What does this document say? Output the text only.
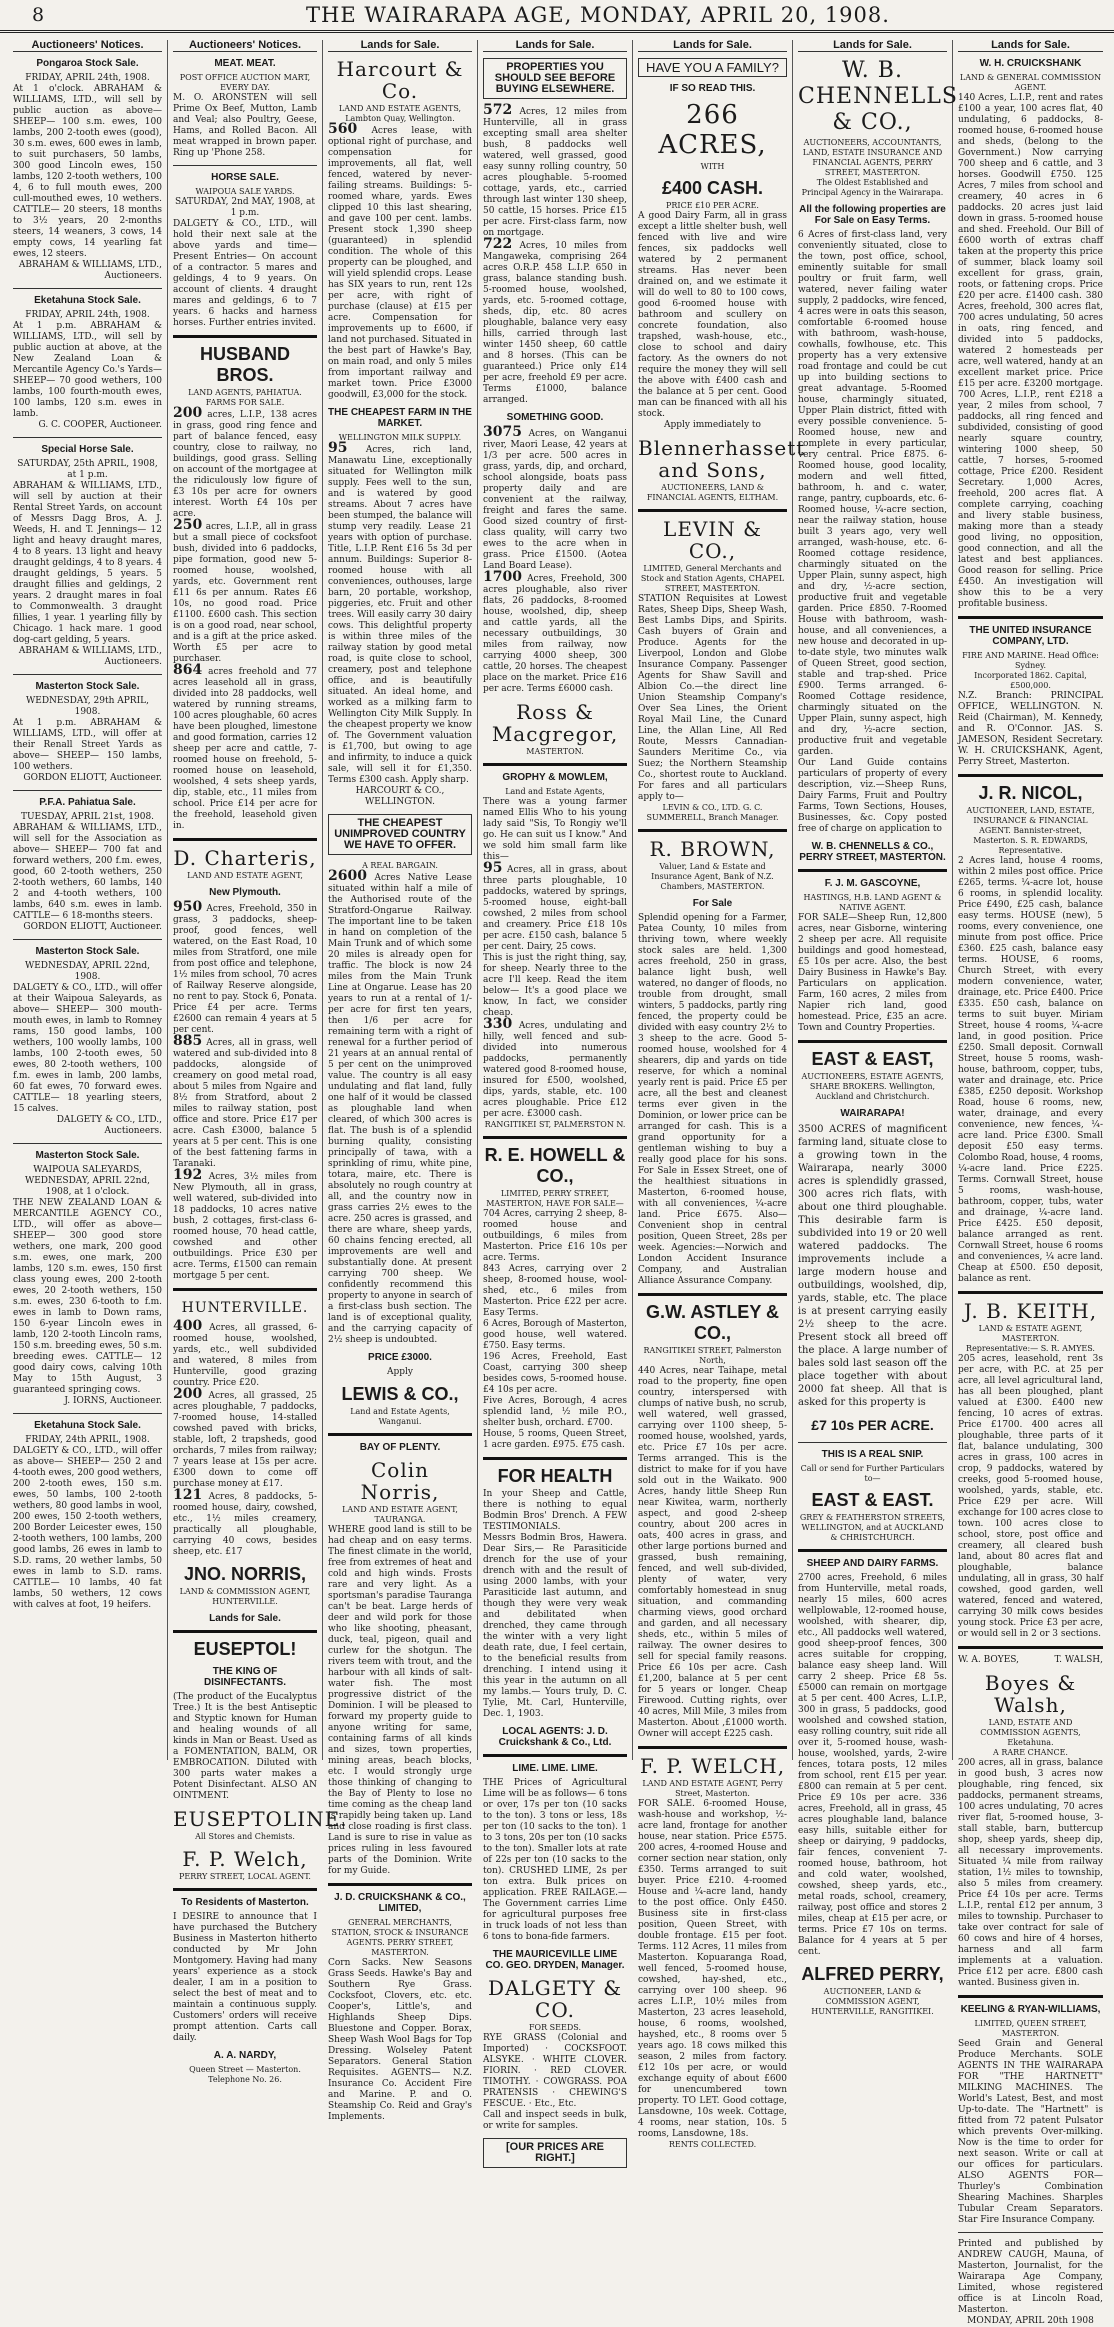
8	THE WAIRARAPA AGE, MONDAY, APRIL 20, 1908.
Auctioneers' Notices.
Pongaroa Stock Sale.
FRIDAY, APRIL 24th, 1908.
At 1 o'clock. ABRAHAM & WILLIAMS, LTD., will sell by public auction as above— SHEEP— 100 s.m. ewes, 100 lambs, 200 2-tooth ewes (good), 30 s.m. ewes, 600 ewes in lamb, to suit purchasers, 50 lambs, 300 good Lincoln ewes, 150 lambs, 120 2-tooth wethers, 100 4, 6 to full mouth ewes, 200 cull-mouthed ewes, 10 wethers. CATTLE— 20 steers, 18 months to 3½ years, 20 2-months steers, 14 weaners, 3 cows, 14 empty cows, 14 yearling fat ewes, 12 steers.
ABRAHAM & WILLIAMS, LTD., Auctioneers.
Eketahuna Stock Sale.
FRIDAY, APRIL 24th, 1908.
At 1 p.m. ABRAHAM & WILLIAMS, LTD., will sell by public auction at above, at the New Zealand Loan & Mercantile Agency Co.'s Yards— SHEEP— 70 good wethers, 100 lambs, 100 fourth-mouth ewes, 100 lambs, 120 s.m. ewes in lamb.
G. C. COOPER, Auctioneer.
Special Horse Sale.
SATURDAY, 25th APRIL, 1908, at 1 p.m.
ABRAHAM & WILLIAMS, LTD., will sell by auction at their Rental Street Yards, on account of Messrs Dagg Bros, A. J. Weeds, H. and T. Jennings— 12 light and heavy draught mares, 4 to 8 years. 13 light and heavy draught geldings, 4 to 8 years. 4 draught geldings, 5 years. 5 draught fillies and geldings, 2 years. 2 draught mares in foal to Commonwealth. 3 draught fillies, 1 year. 1 yearling filly by Chicago. 1 hack mare. 1 good dog-cart gelding, 5 years.
ABRAHAM & WILLIAMS, LTD., Auctioneers.
Masterton Stock Sale.
WEDNESDAY, 29th APRIL, 1908.
At 1 p.m. ABRAHAM & WILLIAMS, LTD., will offer at their Renall Street Yards as above— SHEEP— 150 lambs, 100 wethers.
GORDON ELIOTT, Auctioneer.
P.F.A. Pahiatua Sale.
TUESDAY, APRIL 21st, 1908.
ABRAHAM & WILLIAMS, LTD., will sell for the Association as above— SHEEP— 700 fat and forward wethers, 200 f.m. ewes, good, 60 2-tooth wethers, 250 2-tooth wethers, 60 lambs, 140 2 and 4-tooth wethers, 100 lambs, 640 s.m. ewes in lamb. CATTLE— 6 18-months steers.
GORDON ELIOTT, Auctioneer.
Masterton Stock Sale.
WEDNESDAY, APRIL 22nd, 1908.
DALGETY & CO., LTD., will offer at their Waipoua Saleyards, as above— SHEEP— 300 mouth-mouth ewes, in lamb to Romney rams, 150 good lambs, 100 wethers, 100 woolly lambs, 100 lambs, 100 2-tooth ewes, 50 ewes, 80 2-tooth wethers, 100 f.m. ewes in lamb, 200 lambs, 60 fat ewes, 70 forward ewes. CATTLE— 18 yearling steers, 15 calves.
DALGETY & CO., LTD., Auctioneers.
Masterton Stock Sale.
WAIPOUA SALEYARDS, WEDNESDAY, APRIL 22nd, 1908, at 1 o'clock.
THE NEW ZEALAND LOAN & MERCANTILE AGENCY CO., LTD., will offer as above— SHEEP— 300 good store wethers, one mark, 200 good s.m. ewes, one mark, 200 lambs, 120 s.m. ewes, 150 first class young ewes, 200 2-tooth ewes, 20 2-tooth wethers, 150 s.m. ewes, 230 6-tooth to f.m. ewes in lamb to Down rams, 150 6-year Lincoln ewes in lamb, 120 2-tooth Lincoln rams, 150 s.m. breeding ewes, 50 s.m. breeding ewes. CATTLE— 12 good dairy cows, calving 10th May to 15th August, 3 guaranteed springing cows.
J. IORNS, Auctioneer.
Eketahuna Stock Sale.
FRIDAY, 24th APRIL, 1908.
DALGETY & CO., LTD., will offer as above— SHEEP— 250 2 and 4-tooth ewes, 200 good wethers, 200 2-tooth ewes, 150 s.m. ewes, 50 lambs, 100 2-tooth wethers, 80 good lambs in wool, 200 ewes, 150 2-tooth wethers, 200 Border Leicester ewes, 150 2-tooth wethers, 100 lambs, 200 good lambs, 26 ewes in lamb to S.D. rams, 20 wether lambs, 50 ewes in lamb to S.D. rams. CATTLE— 10 lambs, 40 fat lambs, 50 wethers, 12 cows with calves at foot, 19 heifers.
Auctioneers' Notices.
MEAT. MEAT.
POST OFFICE AUCTION MART, EVERY DAY.
M. O. ARONSTEN will sell Prime Ox Beef, Mutton, Lamb and Veal; also Poultry, Geese, Hams, and Rolled Bacon. All meat wrapped in brown paper. Ring up 'Phone 258.
HORSE SALE.
WAIPOUA SALE YARDS.
SATURDAY, 2nd MAY, 1908, at 1 p.m.
DALGETY & CO., LTD., will hold their next sale at the above yards and time— Present Entries— On account of a contractor. 5 mares and geldings, 4 to 9 years. On account of clients. 4 draught mares and geldings, 6 to 7 years. 6 hacks and harness horses. Further entries invited.
HUSBAND BROS.
LAND AGENTS, PAHIATUA.
FARMS FOR SALE.
200 acres, L.I.P., 138 acres in grass, good ring fence and part of balance fenced, easy country, close to railway, no buildings, good grass. Selling on account of the mortgagee at the ridiculously low figure of £3 10s per acre for owners interest. Worth £4 10s per acre.
250 acres, L.I.P., all in grass but a small piece of cocksfoot bush, divided into 6 paddocks, pipe formation, good new 5-roomed house, woolshed, yards, etc. Government rent £11 6s per annum. Rates £6 10s, no good road. Price £1100. £600 cash. This section is on a good road, near school, and is a gift at the price asked. Worth £5 per acre to purchaser.
864 acres freehold and 77 acres leasehold all in grass, divided into 28 paddocks, well watered by running streams, 100 acres ploughable, 60 acres have been ploughed, limestone and good formation, carries 12 sheep per acre and cattle, 7-roomed house on freehold, 5-roomed house on leasehold, woolshed, 4 sets sheep yards, dip, stable, etc., 11 miles from school. Price £14 per acre for the freehold, leasehold given in.
D. Charteris,
LAND AND ESTATE AGENT,
New Plymouth.
950 Acres, Freehold, 350 in grass, 3 paddocks, sheep-proof, good fences, well watered, on the East Road, 10 miles from Stratford, one mile from post office and telephone, 1½ miles from school, 70 acres of Railway Reserve alongside, no rent to pay. Stock 6, Ponata. Price £4 per acre. Terms £2600 can remain 4 years at 5 per cent.
885 Acres, all in grass, well watered and sub-divided into 8 paddocks, alongside of creamery on good metal road, about 5 miles from Ngaire and 8½ from Stratford, about 2 miles to railway station, post office and store. Price £17 per acre. Cash £3000, balance 5 years at 5 per cent. This is one of the best fattening farms in Taranaki.
192 Acres, 3½ miles from New Plymouth, all in grass, well watered, sub-divided into 18 paddocks, 10 acres native bush, 2 cottages, first-class 6-roomed house, 70 head cattle, cowshed and other outbuildings. Price £30 per acre. Terms, £1500 can remain mortgage 5 per cent.
HUNTERVILLE.
400 Acres, all grassed, 6-roomed house, woolshed, yards, etc., well subdivided and watered, 8 miles from Hunterville, good grazing country. Price £20.
200 Acres, all grassed, 25 acres ploughable, 7 paddocks, 7-roomed house, 14-stalled cowshed paved with bricks, stable, loft, 2 trapsheds, good orchards, 7 miles from railway; 7 years lease at 15s per acre. £300 down to come off purchase money at £17.
121 Acres, 8 paddocks, 5-roomed house, dairy, cowshed, etc., 1½ miles creamery, practically all ploughable, carrying 40 cows, besides sheep, etc. £17
JNO. NORRIS,
LAND & COMMISSION AGENT, HUNTERVILLE.
Lands for Sale.
EUSEPTOL!
THE KING OF DISINFECTANTS.
(The product of the Eucalyptus Tree.) It is the best Antiseptic and Styptic known for Human and healing wounds of all kinds in Man or Beast. Used as a FOMENTATION, BALM, OR EMBROCATION. Diluted with 300 parts water makes a Potent Disinfectant. ALSO AN OINTMENT.
EUSEPTOLINE.
All Stores and Chemists.
F. P. Welch,
PERRY STREET, LOCAL AGENT.
To Residents of Masterton.
I DESIRE to announce that I have purchased the Butchery Business in Masterton hitherto conducted by Mr John Montgomery. Having had many years' experience as a stock dealer, I am in a position to select the best of meat and to maintain a continuous supply. Customers' orders will receive prompt attention. Carts call daily.
A. A. NARDY,
Queen Street — Masterton. Telephone No. 26.
Lands for Sale.
Harcourt & Co.
LAND AND ESTATE AGENTS, Lambton Quay, Wellington.
560 Acres lease, with optional right of purchase, and compensation for improvements, all flat, well fenced, watered by never-failing streams. Buildings: 5-roomed whare, yards. Ewes clipped 10 this last shearing, and gave 100 per cent. lambs. Present stock 1,390 sheep (guaranteed) in splendid condition. The whole of this property can be ploughed, and will yield splendid crops. Lease has SIX years to run, rent 12s per acre, with right of purchase (clause) at £15 per acre. Compensation for improvements up to £600, if land not purchased. Situated in the best part of Hawke's Bay, on main road, and only 5 miles from important railway and market town. Price £3000 goodwill, £3,000 for the stock.
THE CHEAPEST FARM IN THE MARKET.
WELLINGTON MILK SUPPLY.
95 Acres, rich land, Manawatu Line, exceptionally situated for Wellington milk supply. Fees well to the sun, and is watered by good streams. About 7 acres have been stumped, the balance will stump very readily. Lease 21 years with option of purchase. Title, L.I.P. Rent £16 5s 3d per annum. Buildings: Superior 8-roomed house with all conveniences, outhouses, large barn, 20 portable, workshop, piggeries, etc. Fruit and other trees. Will easily carry 30 dairy cows. This delightful property is within three miles of the railway station by good metal road, is quite close to school, creamery, post and telephone office, and is beautifully situated. An ideal home, and worked as a milking farm to Wellington City Milk Supply. In the cheapest property we know of. The Government valuation is £1,700, but owing to age and infirmity, to induce a quick sale, will sell it for £1,350. Terms £300 cash. Apply sharp.
HARCOURT & CO., WELLINGTON.
THE CHEAPEST UNIMPROVED COUNTRY WE HAVE TO OFFER.
A REAL BARGAIN.
2600 Acres Native Lease situated within half a mile of the Authorised route of the Stratford-Ongarue Railway. The important line to be taken in hand on completion of the Main Trunk and of which some 20 miles is already open for traffic. The block is now 24 miles from the Main Trunk Line at Ongarue. Lease has 20 years to run at a rental of 1/- per acre for first ten years, then 1/6 per acre for remaining term with a right of renewal for a further period of 21 years at an annual rental of 5 per cent on the unimproved value. The country is all easy undulating and flat land, fully one half of it would be classed as ploughable land when cleared, of which 300 acres is flat. The bush is of a splendid burning quality, consisting principally of tawa, with a sprinkling of rimu, white pine, totara, maire, etc. There is absolutely no rough country at all, and the country now in grass carries 2½ ewes to the acre. 250 acres is grassed, and there are whare, sheep yards, 60 chains fencing erected, all improvements are well and substantially done. At present carrying 700 sheep. We confidently recommend this property to anyone in search of a first-class bush section. The land is of exceptional quality, and the carrying capacity of 2½ sheep is undoubted.
PRICE £3000.
Apply
LEWIS & CO.,
Land and Estate Agents, Wanganui.
BAY OF PLENTY.
Colin Norris,
LAND AND ESTATE AGENT, TAURANGA.
WHERE good land is still to be had cheap and on easy terms. The finest climate in the world, free from extremes of heat and cold and high winds. Frosts rare and very light. As a sportsman's paradise Tauranga can't be beat. Large herds of deer and wild pork for those who like shooting, pheasant, duck, teal, pigeon, quail and curlew for the shotgun. The rivers teem with trout, and the harbour with all kinds of salt-water fish. The most progressive district of the Dominion. I will be pleased to forward my property guide to anyone writing for same, containing farms of all kinds and sizes, town properties, mining areas, beach blocks, etc. I would strongly urge those thinking of changing to the Bay of Plenty to lose no time coming as the cheap land is rapidly being taken up. Land and close roading is first class. Land is sure to rise in value as prices ruling in less favoured parts of the Dominion. Write for my Guide.
J. D. CRUICKSHANK & CO., LIMITED,
GENERAL MERCHANTS, STATION, STOCK & INSURANCE AGENTS. PERRY STREET, MASTERTON.
Corn Sacks. New Seasons Grass Seeds. Hawke's Bay and Southern Rye Grass. Cocksfoot, Clovers, etc. etc. Cooper's, Little's, and Highlands Sheep Dips. Bluestone and Copper. Borax, Sheep Wash Wool Bags for Top Dressing. Wolseley Patent Separators. General Station Requisites. AGENTS— N.Z. Insurance Co. Accident Fire and Marine. P. and O. Steamship Co. Reid and Gray's Implements.
Lands for Sale.
PROPERTIES YOU SHOULD SEE BEFORE BUYING ELSEWHERE.
572 Acres, 12 miles from Hunterville, all in grass excepting small area shelter bush, 8 paddocks well watered, well grassed, good easy sunny rolling country, 50 acres ploughable. 5-roomed cottage, yards, etc., carried through last winter 130 sheep, 50 cattle, 15 horses. Price £15 per acre. First-class farm, now on mortgage.
722 Acres, 10 miles from Mangaweka, comprising 264 acres O.R.P. 458 L.I.P. 650 in grass, balance standing bush. 5-roomed house, woolshed, yards, etc. 5-roomed cottage, sheds, dip, etc. 80 acres ploughable, balance very easy hills, carried through last winter 1450 sheep, 60 cattle and 8 horses. (This can be guaranteed.) Price only £14 per acre, freehold £9 per acre. Terms £1000, balance arranged.
SOMETHING GOOD.
3075 Acres, on Wanganui river, Maori Lease, 42 years at 1/3 per acre. 500 acres in grass, yards, dip, and orchard, school alongside, boats pass property daily and are convenient at the railway, freight and fares the same. Good sized country of first-class quality, will carry two ewes to the acre when in grass. Price £1500. (Aotea Land Board Lease).
1700 Acres, Freehold, 300 acres ploughable, also river flats, 26 paddocks, 8-roomed house, woolshed, dip, sheep and cattle yards, all the necessary outbuildings, 30 miles from railway, now carrying 4000 sheep, 300 cattle, 20 horses. The cheapest place on the market. Price £16 per acre. Terms £6000 cash.
Ross & Macgregor,
MASTERTON.
GROPHY & MOWLEM,
Land and Estate Agents,
There was a young farmer named Ellis Who to his young lady said "Sis, To Rongiy we'll go. He can suit us I know." And we sold him small farm like this—
95 Acres, all in grass, about three parts ploughable, 10 paddocks, watered by springs, 5-roomed house, eight-ball cowshed, 2 miles from school and creamery. Price £18 10s per acre. £150 cash, balance 5 per cent. Dairy, 25 cows.
This is just the right thing, say, for sheep. Nearly three to the acre I'll keep. Read the item below— It's a good place we know, In fact, we consider cheap.
330 Acres, undulating and hilly, well fenced and sub-divided into numerous paddocks, permanently watered good 8-roomed house, insured for £500, woolshed, dips, yards, stable, etc. 100 acres ploughable. Price £12 per acre. £3000 cash.
RANGITIKEI ST, PALMERSTON N.
R. E. HOWELL & CO.,
LIMITED, PERRY STREET, MASTERTON, HAVE FOR SALE—
704 Acres, carrying 2 sheep, 8-roomed house and outbuildings, 6 miles from Masterton. Price £16 10s per acre. Terms.
843 Acres, carrying over 2 sheep, 8-roomed house, wool-shed, etc., 6 miles from Masterton. Price £22 per acre. Easy Terms.
6 Acres, Borough of Masterton, good house, well watered. £750. Easy terms.
196 Acres, Freehold, East Coast, carrying 300 sheep besides cows, 5-roomed house. £4 10s per acre.
Five Acres, Borough, 4 acres splendid land, ½ mile P.O., shelter bush, orchard. £700.
House, 5 rooms, Queen Street, 1 acre garden. £975. £75 cash.
FOR HEALTH
In your Sheep and Cattle, there is nothing to equal Bodmin Bros' Drench. A FEW TESTIMONIALS.
Messrs Bodmin Bros, Hawera. Dear Sirs,— Re Parasiticide drench for the use of your drench with and the result of using 2000 lambs, with your Parasiticide last autumn, and though they were very weak and debilitated when drenched, they came through the winter with a very light death rate, due, I feel certain, to the beneficial results from drenching. I intend using it this year in the autumn on all my lambs.— Yours truly, D. C. Tylie, Mt. Carl, Hunterville, Dec. 1, 1903.
LOCAL AGENTS: J. D. Cruickshank & Co., Ltd.
LIME. LIME. LIME.
THE Prices of Agricultural Lime will be as follows— 6 tons or over, 17s per ton (10 sacks to the ton). 3 tons or less, 18s per ton (10 sacks to the ton). 1 to 3 tons, 20s per ton (10 sacks to the ton). Smaller lots at rate of 22s per ton (10 sacks to the ton). CRUSHED LIME, 2s per ton extra. Bulk prices on application. FREE RAILAGE.— The Government carries Lime for agricultural purposes free in truck loads of not less than 6 tons to bona-fide farmers.
THE MAURICEVILLE LIME CO. GEO. DRYDEN, Manager.
DALGETY & CO.
FOR SEEDS.
RYE GRASS (Colonial and Imported) · COCKSFOOT. ALSYKE. · WHITE CLOVER. FIORIN. · RED CLOVER. TIMOTHY. · COWGRASS. POA PRATENSIS · CHEWING'S FESCUE. · Etc., Etc.
Call and inspect seeds in bulk, or write for samples.
[OUR PRICES ARE RIGHT.]
Lands for Sale.
HAVE YOU A FAMILY?
IF SO READ THIS.
266 ACRES,
WITH
£400 CASH.
PRICE £10 PER ACRE.
A good Dairy Farm, all in grass except a little shelter bush, well fenced with live and wire fences, six paddocks well watered by 2 permanent streams. Has never been drained on, and we estimate it will do well to 80 to 100 cows, good 6-roomed house with bathroom and scullery on concrete foundation, also trapshed, wash-house, etc., close to school and dairy factory. As the owners do not require the money they will sell the above with £400 cash and the balance at 5 per cent. Good man can be financed with all his stock.
Apply immediately to
Blennerhassett and Sons,
AUCTIONEERS, LAND & FINANCIAL AGENTS, ELTHAM.
LEVIN & CO.,
LIMITED, General Merchants and Stock and Station Agents, CHAPEL STREET, MASTERTON.
STATION Requisites at Lowest Rates, Sheep Dips, Sheep Wash, Best Lambs Dips, and Spirits. Cash buyers of Grain and Produce. Agents for the Liverpool, London and Globe Insurance Company. Passenger Agents for Shaw Savill and Albion Co.—the direct line Union Steamship Company's Over Sea Lines, the Orient Royal Mail Line, the Cunard Line, the Allan Line, All Red Route, Messrs Cannadian-Saunders Meritime Co., via Suez; the Northern Steamship Co., shortest route to Auckland. For fares and all particulars apply to—
LEVIN & CO., LTD. G. C. SUMMERELL, Branch Manager.
R. BROWN,
Valuer, Land & Estate and Insurance Agent, Bank of N.Z. Chambers, MASTERTON.
For Sale
Splendid opening for a Farmer, Patea County, 10 miles from thriving town, where weekly stock sales are held. 1,300 acres freehold, 250 in grass, balance light bush, well watered, no danger of floods, no trouble from drought, small winters, 5 paddocks, partly ring fenced, the property could be divided with easy country 2½ to 3 sheep to the acre. Good 5-roomed house, woolshed for 4 shearers, dip and yards on tide reserve, for which a nominal yearly rent is paid. Price £5 per acre, all the best and cleanest terms ever given in the Dominion, or lower price can be arranged for cash. This is a grand opportunity for a gentleman wishing to buy a really good place for his sons. For Sale in Essex Street, one of the healthiest situations in Masterton, 6-roomed house, with all conveniences, ¼-acre land. Price £675. Also—Convenient shop in central position, Queen Street, 28s per week. Agencies:—Norwich and London Accident Insurance Company, and Australian Alliance Assurance Company.
G.W. ASTLEY & CO.,
RANGITIKEI STREET, Palmerston North,
440 Acres, near Taihape, metal road to the property, fine open country, interspersed with clumps of native bush, no scrub, well watered, well grassed, carrying over 1100 sheep, 5-roomed house, woolshed, yards, etc. Price £7 10s per acre. Terms arranged. This is the district to make for if you have sold out in the Waikato. 900 Acres, handy little Sheep Run near Kiwitea, warm, northerly aspect, and good 2-sheep country, about 200 acres in oats, 400 acres in grass, and other large portions burned and grassed, bush remaining, fenced, and well sub-divided, plenty of water, very comfortably homestead in snug situation, and commanding charming views, good orchard and garden, and all necessary sheds, etc., within 5 miles of railway. The owner desires to sell for special family reasons. Price £6 10s per acre. Cash £1,200, balance at 5 per cent for 5 years or longer. Cheap Firewood. Cutting rights, over 40 acres, Mill Mile, 3 miles from Masterton. About ,£1000 worth. Owner will accept £225 cash.
F. P. WELCH,
LAND AND ESTATE AGENT, Perry Street, Masterton.
FOR SALE. 6-roomed House, wash-house and workshop, ½-acre land, frontage for another house, near station. Price £575. 200 acres, 4-roomed House and corner section near station, only £350. Terms arranged to suit buyer. Price £210. 4-roomed House and ¼-acre land, handy to the post office. Only £450. Business site in first-class position, Queen Street, with double frontage. £15 per foot. Terms. 112 Acres, 11 miles from Masterton. Kopuaranga Road, well fenced, 5-roomed house, cowshed, hay-shed, etc., carrying over 100 sheep. 96 acres L.I.P., 10½ miles from Masterton, 23 acres leasehold, house, 6 rooms, woolshed, hayshed, etc., 8 rooms over 5 years ago. 18 cows milked this season, 2 miles from factory. £12 10s per acre, or would exchange equity of about £600 for unencumbered town property. TO LET. Good cottage, Lansdowne, 10s week. Cottage, 4 rooms, near station, 10s. 5 rooms, Lansdowne, 18s.
RENTS COLLECTED.
Lands for Sale.
W. B. CHENNELLS & CO.,
AUCTIONEERS, ACCOUNTANTS, LAND, ESTATE INSURANCE AND FINANCIAL AGENTS, PERRY STREET, MASTERTON.
The Oldest Established and Principal Agency in the Wairarapa.
All the following properties are For Sale on Easy Terms.
6 Acres of first-class land, very conveniently situated, close to the town, post office, school, eminently suitable for small poultry or fruit farm, well watered, never failing water supply, 2 paddocks, wire fenced, 4 acres were in oats this season, comfortable 6-roomed house with bathroom, wash-house, cowhalls, fowlhouse, etc. This property has a very extensive road frontage and could be cut up into building sections to great advantage. 5-Roomed house, charmingly situated, Upper Plain district, fitted with every possible convenience. 5-Roomed house, new and complete in every particular, very central. Price £875. 6-Roomed house, good locality, modern and well fitted, bathroom, h. and c. water, range, pantry, cupboards, etc. 6-Roomed house, ¼-acre section, near the railway station, house built 3 years ago, very well arranged, wash-house, etc. 6-Roomed cottage residence, charmingly situated on the Upper Plain, sunny aspect, high and dry, ½-acre section, productive fruit and vegetable garden. Price £850. 7-Roomed House with bathroom, wash-house, and all conveniences, a new house and decorated in up-to-date style, two minutes walk of Queen Street, good section, stable and trap-shed. Price £900. Terms arranged. 6-Roomed Cottage residence, charmingly situated on the Upper Plain, sunny aspect, high and dry, ½-acre section, productive fruit and vegetable garden.
Our Land Guide contains particulars of property of every description, viz.—Sheep Runs, Dairy Farms, Fruit and Poultry Farms, Town Sections, Houses, Businesses, &c. Copy posted free of charge on application to
W. B. CHENNELLS & CO., PERRY STREET, MASTERTON.
F. J. M. GASCOYNE,
HASTINGS, H.B. LAND AGENT & NATIVE AGENT.
FOR SALE—Sheep Run, 12,800 acres, near Gisborne, wintering 2 sheep per acre. All requisite buildings and good homestead, £5 10s per acre. Also, the best Dairy Business in Hawke's Bay. Particulars on application. Farm, 160 acres, 2 miles from Napier rich land, good homestead. Price, £35 an acre. Town and Country Properties.
EAST & EAST,
AUCTIONEERS, ESTATE AGENTS, SHARE BROKERS. Wellington, Auckland and Christchurch.
WAIRARAPA!
3500 ACRES of magnificent farming land, situate close to a growing town in the Wairarapa, nearly 3000 acres is splendidly grassed, 300 acres rich flats, with about one third ploughable. This desirable farm is subdivided into 19 or 20 well watered paddocks. The improvements include a large modern house and outbuildings, woolshed, dip, yards, stable, etc. The place is at present carrying easily 2½ sheep to the acre. Present stock all breed off the place. A large number of bales sold last season off the place together with about 2000 fat sheep. All that is asked for this property is
£7 10s PER ACRE.
THIS IS A REAL SNIP.
Call or send for Further Particulars to—
EAST & EAST.
GREY & FEATHERSTON STREETS, WELLINGTON, and at AUCKLAND & CHRISTCHURCH.
SHEEP AND DAIRY FARMS.
2700 acres, Freehold, 6 miles from Hunterville, metal roads, nearly 15 miles, 600 acres wellplowable, 12-roomed house, woolshed, with shearer, dip, etc., All paddocks well watered, good sheep-proof fences, 300 acres suitable for cropping, balance easy sheep land. Will carry 2 sheep. Price £8 5s. £5000 can remain on mortgage at 5 per cent. 400 Acres, L.I.P., 300 in grass, 5 paddocks, good woolshed and cowshed station, easy rolling country, suit ride all over it, 5-roomed house, wash-house, woolshed, yards, 2-wire fences, totara posts, 12 miles from school, rent £15 per year. £800 can remain at 5 per cent. Price £9 10s per acre. 336 acres, Freehold, all in grass, 45 acres ploughable land, balance easy hills, suitable either for sheep or dairying, 9 paddocks, fair fences, convenient 7-roomed house, bathroom, hot and cold water, woolshed, cowshed, sheep yards, etc., metal roads, school, creamery, railway, post office and stores 2 miles, cheap at £15 per acre, or terms. Price £7 10s on terms. Balance for 4 years at 5 per cent.
ALFRED PERRY,
AUCTIONEER, LAND & COMMISSION AGENT, HUNTERVILLE, RANGITIKEI.
Lands for Sale.
W. H. CRUICKSHANK
LAND & GENERAL COMMISSION AGENT.
140 Acres, L.I.P., rent and rates £100 a year, 100 acres flat, 40 undulating, 6 paddocks, 8-roomed house, 6-roomed house and sheds, (belong to the Government.) Now carrying 700 sheep and 6 cattle, and 3 horses. Goodwill £750. 125 Acres, 7 miles from school and creamery, 40 acres in 6 paddocks. 20 acres just laid down in grass. 5-roomed house and shed. Freehold. Our Bill of £600 worth of extras chaff taken at the property this price of summer, black loamy soil excellent for grass, grain, roots, or fattening crops. Price £20 per acre. £1400 cash. 380 Acres, freehold, 300 acres flat, 700 acres undulating, 50 acres in oats, ring fenced, and divided into 5 paddocks, watered 2 homesteads per acre, well watered, handy at an excellent market price. Price £15 per acre. £3200 mortgage. 700 Acres, L.I.P., rent £218 a year, 2 miles from school, 7 paddocks, all ring fenced and subdivided, consisting of good nearly square country, wintering 1000 sheep, 50 cattle, 7 horses, 5-roomed cottage, Price £200. Resident Secretary. 1,000 Acres, freehold, 200 acres flat. A complete carrying, coaching and livery stable business, making more than a steady good living, no opposition, good connection, and all the latest and best appliances. Good reason for selling. Price £450. An investigation will show this to be a very profitable business.
THE UNITED INSURANCE COMPANY, LTD.
FIRE AND MARINE. Head Office: Sydney.
Incorporated 1862. Capital, £500,000.
N.Z. Branch: PRINCIPAL OFFICE, WELLINGTON. N. Reid (Chairman), M. Kennedy, and R. O'Connor. JAS. S. JAMESON, Resident Secretary. W. H. CRUICKSHANK, Agent, Perry Street, Masterton.
J. R. NICOL,
AUCTIONEER, LAND, ESTATE, INSURANCE & FINANCIAL AGENT. Bannister-street, Masterton. S. R. EDWARDS, Representative.
2 Acres land, house 4 rooms, within 2 miles post office. Price £265, terms. ¼-acre lot, house 6 rooms, in splendid locality. Price £490, £25 cash, balance easy terms. HOUSE (new), 5 rooms, every convenience, one minute from post office. Price £360. £25 cash, balance easy terms. HOUSE, 6 rooms, Church Street, with every modern convenience, water, drainage, etc. Price £400. Price £335. £50 cash, balance on terms to suit buyer. Miriam Street, house 4 rooms, ¼-acre land, in good position. Price £250. Small deposit. Cornwall Street, house 5 rooms, wash-house, bathroom, copper, tubs, water and drainage, etc. Price £385, £250 deposit. Workshop Road, house 6 rooms, new, water, drainage, and every convenience, new fences, ¼-acre land. Price £300. Small deposit £50 easy terms. Colombo Road, house, 4 rooms, ¼-acre land. Price £225. Terms. Cornwall Street, house 5 rooms, wash-house, bathroom, copper, tubs, water and drainage, ¼-acre land. Price £425. £50 deposit, balance arranged as rent. Cornwall Street, house 6 rooms and conveniences, ¼ acre land. Cheap at £500. £50 deposit, balance as rent.
J. B. KEITH,
LAND & ESTATE AGENT, MASTERTON.
Representative:— S. R. AMYES.
205 acres, leasehold, rent 3s per acre, with P.C. at 25 per acre, all level agricultural land, has all been ploughed, plant valued at £300. £400 new fencing, 10 acres of extras. Price £1700. 400 acres all ploughable, three parts of it flat, balance undulating, 300 acres in grass, 100 acres in crop, 9 paddocks, watered by creeks, good 5-roomed house, woolshed, yards, stable, etc. Price £29 per acre. Will exchange for 100 acres close to town. 100 acres close to school, store, post office and creamery, all cleared bush land, about 80 acres flat and ploughable, balance undulating, all in grass, 30 half cowshed, good garden, well watered, fenced and watered, carrying 30 milk cows besides young stock. Price £3 per acre, or would sell in 2 or 3 sections.
W. A. BOYES,	T. WALSH,
Boyes & Walsh,
LAND, ESTATE AND COMMISSION AGENTS, Eketahuna.
A RARE CHANCE.
200 acres, all in grass, balance in good bush, 3 acres now ploughable, ring fenced, six paddocks, permanent streams, 100 acres undulating, 70 acres river flat, 5-roomed house, 3-stall stable, barn, buttercup shop, sheep yards, sheep dip, all necessary improvements. Situated ¼ mile from railway station, 1½ miles to township, also 5 miles from creamery. Price £4 10s per acre. Terms L.I.P., rental £12 per annum, 3 miles to township. Purchaser to take over contract for sale of 60 cows and hire of 4 horses, harness and all farm implements at a valuation. Price £12 per acre. £800 cash wanted. Business given in.
KEELING & RYAN-WILLIAMS,
LIMITED, QUEEN STREET, MASTERTON.
Seed Grain and General Produce Merchants. SOLE AGENTS IN THE WAIRARAPA FOR "THE HARTNETT" MILKING MACHINES. The World's Latest, Best, and most Up-to-date. The "Hartnett" is fitted from 72 patent Pulsator which prevents Over-milking. Now is the time to order for next season. Write or call at our offices for particulars. ALSO AGENTS FOR— Thurley's Combination Shearing Machines. Sharples Tubular Cream Separators. Star Fire Insurance Company.
Printed and published by ANDREW CAUGH, Mauna, of Masterton, Journalist, for the Wairarapa Age Company, Limited, whose registered office is at Lincoln Road, Masterton.
MONDAY, APRIL 20th 1908
